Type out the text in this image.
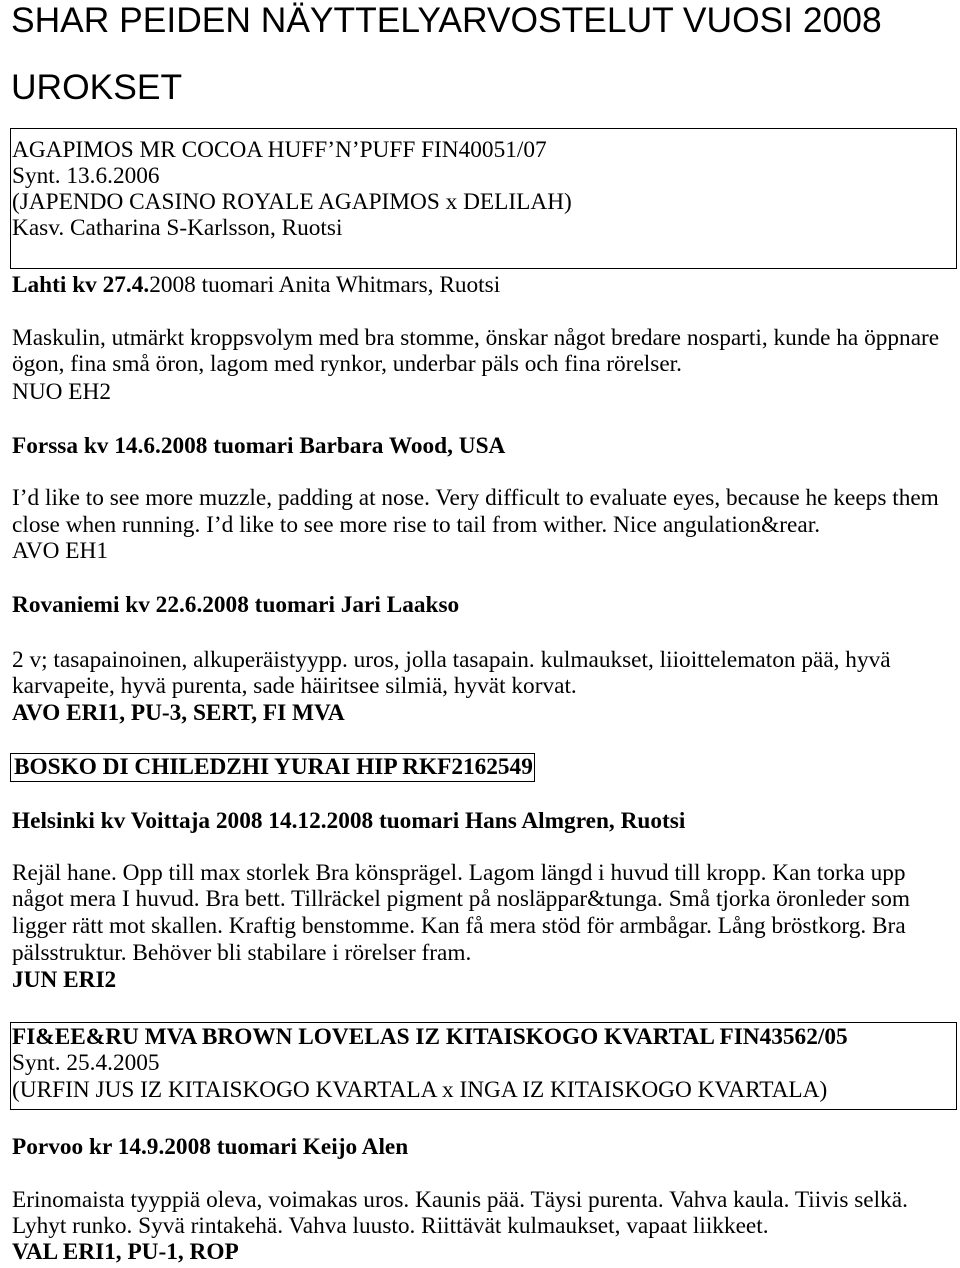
SHAR PEIDEN NÄYTTELYARVOSTELUT VUOSI 2008
UROKSET
AGAPIMOS MR COCOA HUFF’N’PUFF FIN40051/07
Synt. 13.6.2006
(JAPENDO CASINO ROYALE AGAPIMOS x DELILAH)
Kasv. Catharina S-Karlsson, Ruotsi
Lahti kv 27.4.2008 tuomari Anita Whitmars, Ruotsi
Maskulin, utmärkt kroppsvolym med bra stomme, önskar något bredare nosparti, kunde ha öppnare
ögon, fina små öron, lagom med rynkor, underbar päls och fina rörelser.
NUO EH2
Forssa kv 14.6.2008 tuomari Barbara Wood, USA
I’d like to see more muzzle, padding at nose. Very difficult to evaluate eyes, because he keeps them
close when running. I’d like to see more rise to tail from wither. Nice angulation&rear.
AVO EH1
Rovaniemi kv 22.6.2008 tuomari Jari Laakso
2 v; tasapainoinen, alkuperäistyypp. uros, jolla tasapain. kulmaukset, liioittelematon pää, hyvä
karvapeite, hyvä purenta, sade häiritsee silmiä, hyvät korvat.
AVO ERI1, PU-3, SERT, FI MVA
BOSKO DI CHILEDZHI YURAI HIP RKF2162549
Helsinki kv Voittaja 2008 14.12.2008 tuomari Hans Almgren, Ruotsi
Rejäl hane. Opp till max storlek Bra könsprägel. Lagom längd i huvud till kropp. Kan torka upp
något mera I huvud. Bra bett. Tillräckel pigment på nosläppar&tunga. Små tjorka öronleder som
ligger rätt mot skallen. Kraftig benstomme. Kan få mera stöd för armbågar. Lång bröstkorg. Bra
pälsstruktur. Behöver bli stabilare i rörelser fram.
JUN ERI2
FI&EE&RU MVA BROWN LOVELAS IZ KITAISKOGO KVARTAL FIN43562/05
Synt. 25.4.2005
(URFIN JUS IZ KITAISKOGO KVARTALA x INGA IZ KITAISKOGO KVARTALA)
Porvoo kr 14.9.2008 tuomari Keijo Alen
Erinomaista tyyppiä oleva, voimakas uros. Kaunis pää. Täysi purenta. Vahva kaula. Tiivis selkä.
Lyhyt runko. Syvä rintakehä. Vahva luusto. Riittävät kulmaukset, vapaat liikkeet.
VAL ERI1, PU-1, ROP
